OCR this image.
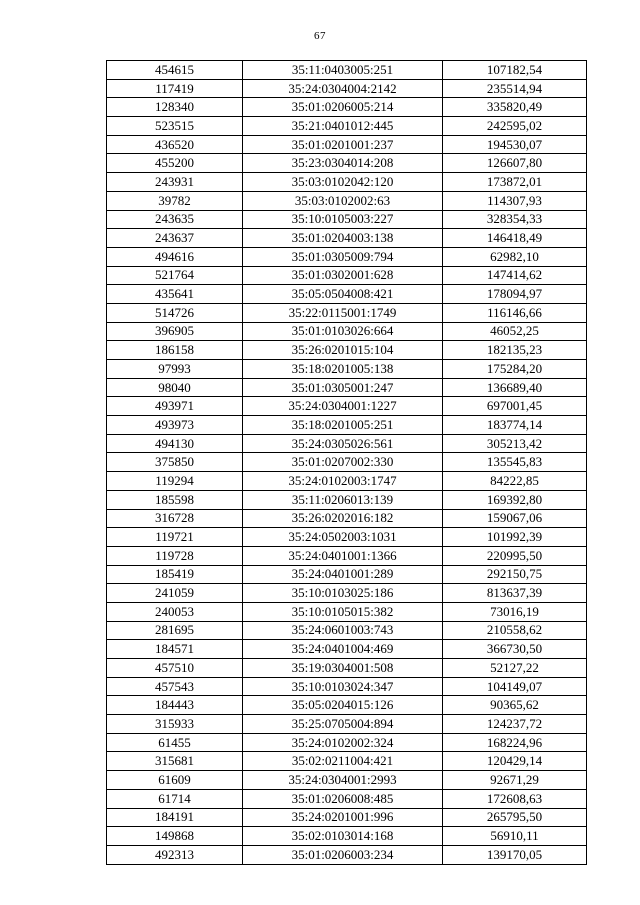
67
454615	35:11:0403005:251	107182,54
117419	35:24:0304004:2142	235514,94
128340	35:01:0206005:214	335820,49
523515	35:21:0401012:445	242595,02
436520	35:01:0201001:237	194530,07
455200	35:23:0304014:208	126607,80
243931	35:03:0102042:120	173872,01
39782	35:03:0102002:63	114307,93
243635	35:10:0105003:227	328354,33
243637	35:01:0204003:138	146418,49
494616	35:01:0305009:794	62982,10
521764	35:01:0302001:628	147414,62
435641	35:05:0504008:421	178094,97
514726	35:22:0115001:1749	116146,66
396905	35:01:0103026:664	46052,25
186158	35:26:0201015:104	182135,23
97993	35:18:0201005:138	175284,20
98040	35:01:0305001:247	136689,40
493971	35:24:0304001:1227	697001,45
493973	35:18:0201005:251	183774,14
494130	35:24:0305026:561	305213,42
375850	35:01:0207002:330	135545,83
119294	35:24:0102003:1747	84222,85
185598	35:11:0206013:139	169392,80
316728	35:26:0202016:182	159067,06
119721	35:24:0502003:1031	101992,39
119728	35:24:0401001:1366	220995,50
185419	35:24:0401001:289	292150,75
241059	35:10:0103025:186	813637,39
240053	35:10:0105015:382	73016,19
281695	35:24:0601003:743	210558,62
184571	35:24:0401004:469	366730,50
457510	35:19:0304001:508	52127,22
457543	35:10:0103024:347	104149,07
184443	35:05:0204015:126	90365,62
315933	35:25:0705004:894	124237,72
61455	35:24:0102002:324	168224,96
315681	35:02:0211004:421	120429,14
61609	35:24:0304001:2993	92671,29
61714	35:01:0206008:485	172608,63
184191	35:24:0201001:996	265795,50
149868	35:02:0103014:168	56910,11
492313	35:01:0206003:234	139170,05
